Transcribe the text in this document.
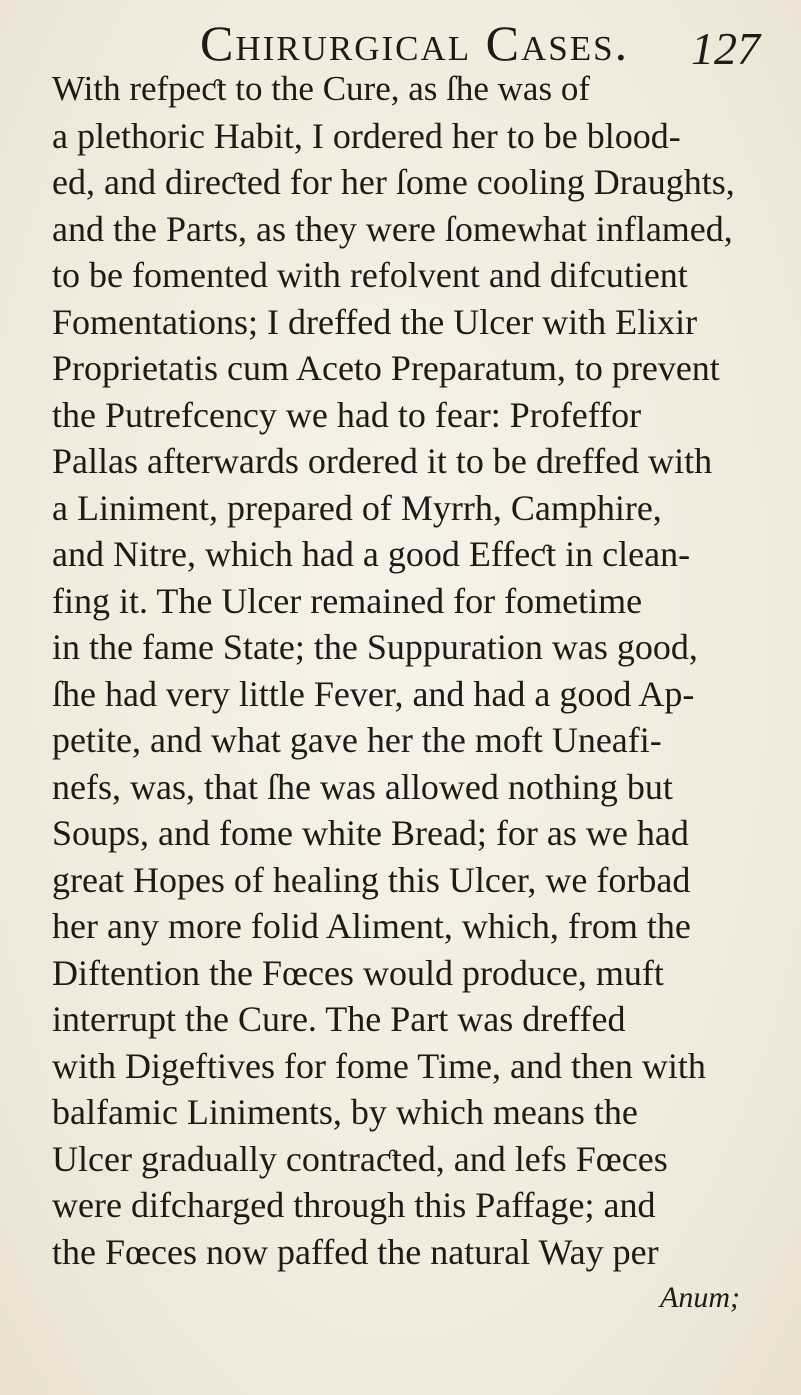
Chirurgical Cases. 127
With refpeƈt to the Cure, as ſhe was of
a plethoric Habit, I ordered her to be blood-
ed, and direƈted for her ſome cooling Draughts,
and the Parts, as they were ſomewhat inflamed,
to be fomented with refolvent and difcutient
Fomentations; I dreffed the Ulcer with Elixir
Proprietatis cum Aceto Preparatum, to prevent
the Putrefcency we had to fear: Profeffor
Pallas afterwards ordered it to be dreffed with
a Liniment, prepared of Myrrh, Camphire,
and Nitre, which had a good Effeƈt in clean-
fing it. The Ulcer remained for fometime
in the fame State; the Suppuration was good,
ſhe had very little Fever, and had a good Ap-
petite, and what gave her the moft Uneafi-
nefs, was, that ſhe was allowed nothing but
Soups, and fome white Bread; for as we had
great Hopes of healing this Ulcer, we forbad
her any more folid Aliment, which, from the
Diftention the Fœces would produce, muft
interrupt the Cure. The Part was dreffed
with Digeftives for fome Time, and then with
balfamic Liniments, by which means the
Ulcer gradually contraƈted, and lefs Fœces
were difcharged through this Paffage; and
the Fœces now paffed the natural Way per
Anum;
